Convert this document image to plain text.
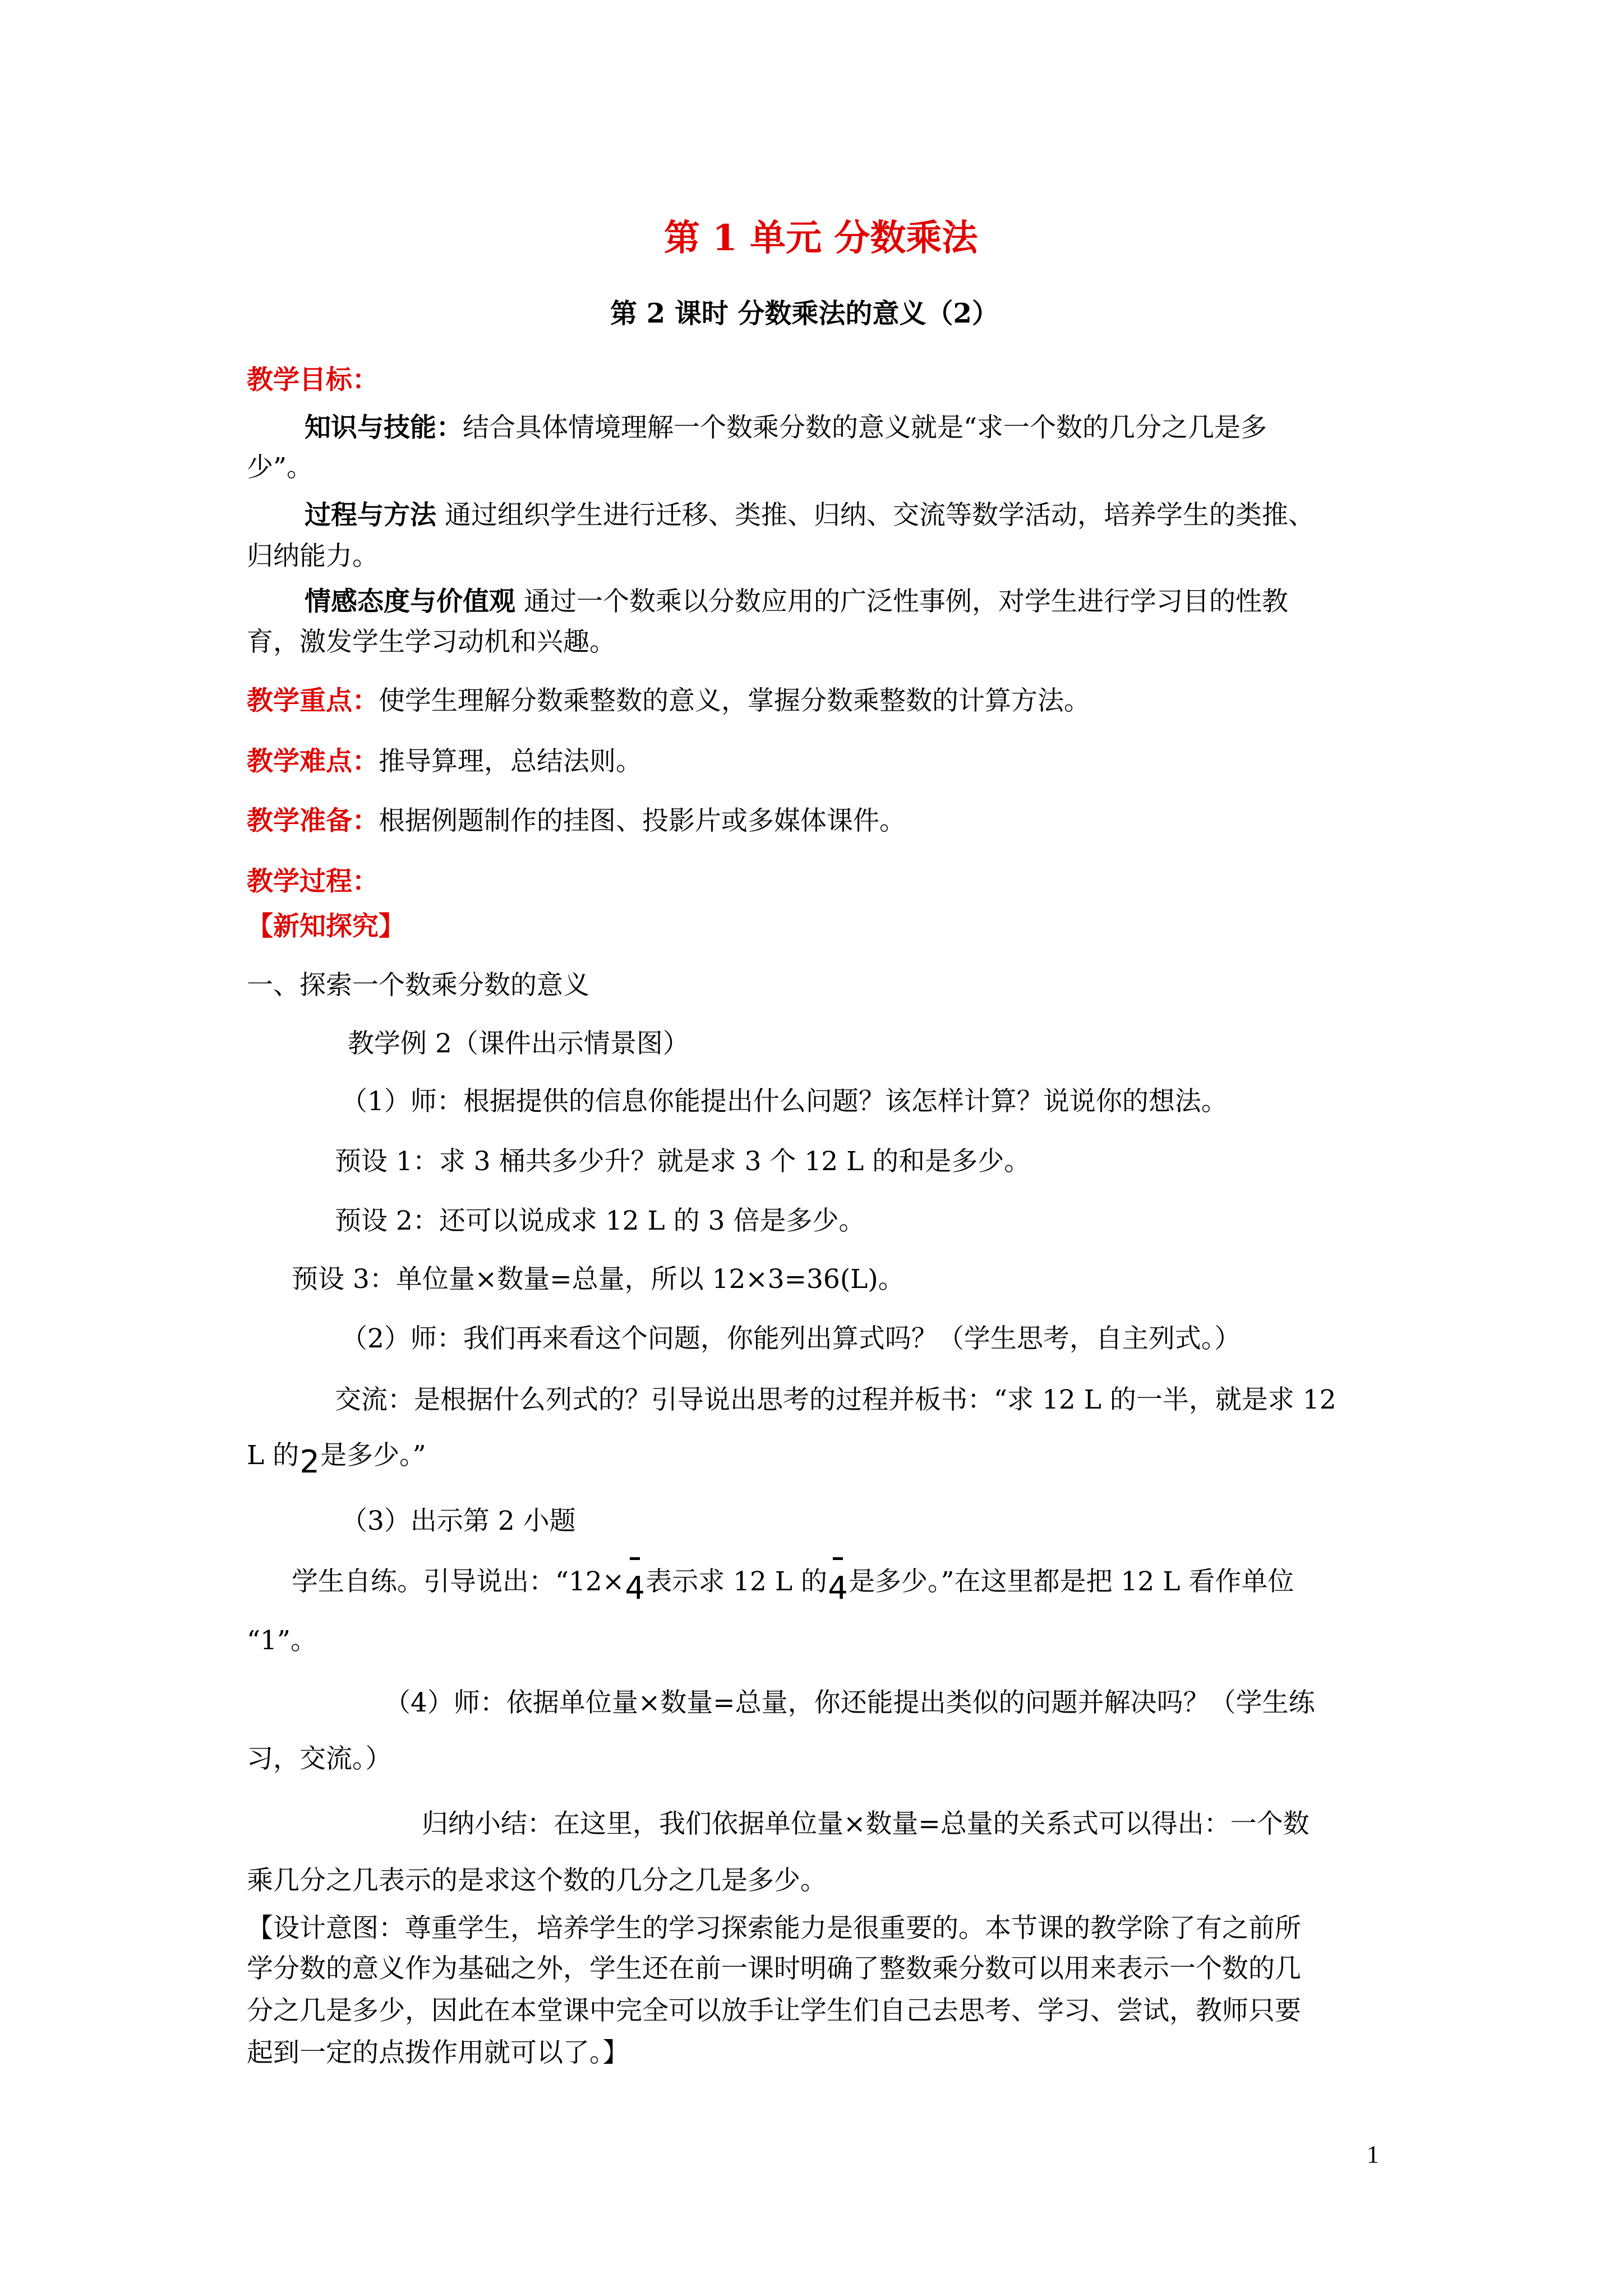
第 1 单元 分数乘法
第 2 课时 分数乘法的意义（2）
教学目标：
知识与技能：结合具体情境理解一个数乘分数的意义就是“求一个数的几分之几是多
少”。
过程与方法 通过组织学生进行迁移、类推、归纳、交流等数学活动，培养学生的类推、
归纳能力。
情感态度与价值观 通过一个数乘以分数应用的广泛性事例，对学生进行学习目的性教
育，激发学生学习动机和兴趣。
教学重点：使学生理解分数乘整数的意义，掌握分数乘整数的计算方法。
教学难点：推导算理，总结法则。
教学准备：根据例题制作的挂图、投影片或多媒体课件。
教学过程：
【新知探究】
一、探索一个数乘分数的意义
教学例 2（课件出示情景图）
（1）师：根据提供的信息你能提出什么问题？该怎样计算？说说你的想法。
预设 1：求 3 桶共多少升？就是求 3 个 12 L 的和是多少。
预设 2：还可以说成求 12 L 的 3 倍是多少。
预设 3：单位量×数量=总量，所以 12×3=36(L)。
（2）师：我们再来看这个问题，你能列出算式吗？（学生思考，自主列式。）
交流：是根据什么列式的？引导说出思考的过程并板书：“求 12 L 的一半，就是求 12
L 的 2 是多少。”
（3）出示第 2 小题
学生自练。引导说出：“12× 4 表示求 12 L 的 4 是多少。”在这里都是把 12 L 看作单位
“1”。
（4）师：依据单位量×数量=总量，你还能提出类似的问题并解决吗？（学生练
习，交流。）
归纳小结：在这里，我们依据单位量×数量=总量的关系式可以得出：一个数
乘几分之几表示的是求这个数的几分之几是多少。
【设计意图：尊重学生，培养学生的学习探索能力是很重要的。本节课的教学除了有之前所
学分数的意义作为基础之外，学生还在前一课时明确了整数乘分数可以用来表示一个数的几
分之几是多少，因此在本堂课中完全可以放手让学生们自己去思考、学习、尝试，教师只要
起到一定的点拨作用就可以了。】
1
